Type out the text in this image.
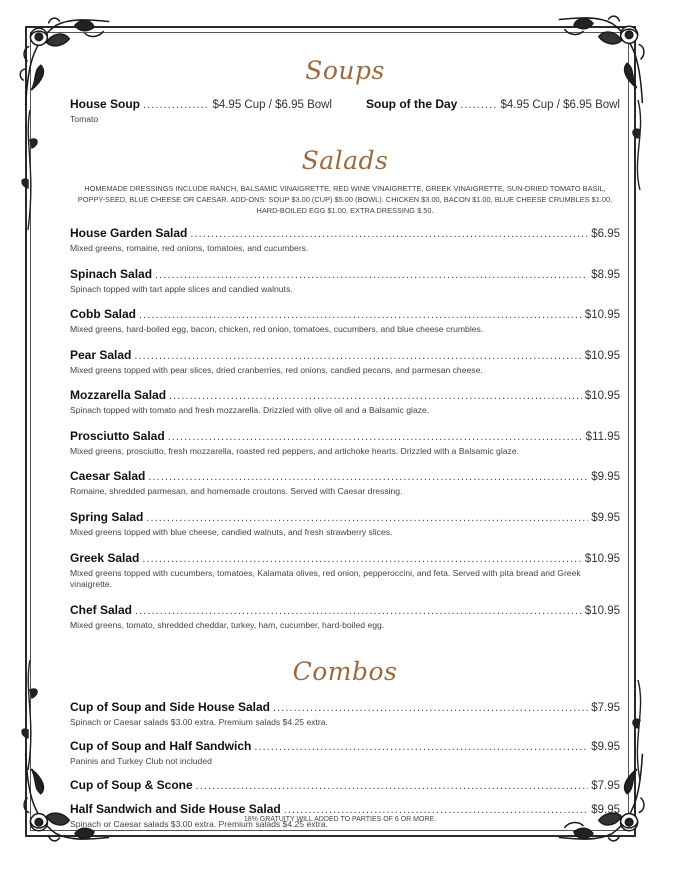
Soups
House Soup . . .	$4.95 Cup / $6.95 Bowl
Tomato
Soup of the Day . . .	$4.95 Cup / $6.95 Bowl
Salads

HOMEMADE DRESSINGS INCLUDE RANCH, BALSAMIC VINAIGRETTE, RED WINE VINAIGRETTE, GREEK VINAIGRETTE, SUN-DRIED TOMATO BASIL, POPPY-SEED, BLUE CHEESE OR CAESAR. ADD-ONS: SOUP $3.00 (CUP) $5.00 (BOWL). CHICKEN $3.00, BACON $1.00, BLUE CHEESE CRUMBLES $1.00, HARD-BOILED EGG $1.00, EXTRA DRESSING $.50.

House Garden Salad . . .	$6.95
Mixed greens, romaine, red onions, tomatoes, and cucumbers.
Spinach Salad . . .	$8.95
Spinach topped with tart apple slices and candied walnuts.
Cobb Salad . . .	$10.95
Mixed greens, hard-boiled egg, bacon, chicken, red onion, tomatoes, cucumbers, and blue cheese crumbles.
Pear Salad . . .	$10.95
Mixed greens topped with pear slices, dried cranberries, red onions, candied pecans, and parmesan cheese.
Mozzarella Salad . . .	$10.95
Spinach topped with tomato and fresh mozzarella. Drizzled with olive oil and a Balsamic glaze.
Prosciutto Salad . . .	$11.95
Mixed greens, prosciutto, fresh mozzarella, roasted red peppers, and artichoke hearts. Drizzled with a Balsamic glaze.
Caesar Salad . . .	$9.95
Romaine, shredded parmesan, and homemade croutons. Served with Caesar dressing.
Spring Salad . . .	$9.95
Mixed greens topped with blue cheese, candied walnuts, and fresh strawberry slices.
Greek Salad . . .	$10.95
Mixed greens topped with cucumbers, tomatoes, Kalamata olives, red onion, pepperoccini, and feta. Served with pita bread and Greek vinaigrette.
Chef Salad . . .	$10.95
Mixed greens, tomato, shredded cheddar, turkey, ham, cucumber, hard-boiled egg.
Combos
Cup of Soup and Side House Salad . . .	$7.95
Spinach or Caesar salads $3.00 extra. Premium salads $4.25 extra.
Cup of Soup and Half Sandwich . . .	$9.95
Paninis and Turkey Club not included
Cup of Soup & Scone . . .	$7.95
Half Sandwich and Side House Salad . . .	$9.95
Spinach or Caesar salads $3.00 extra. Premium salads $4.25 extra.
18% GRATUITY WILL ADDED TO PARTIES OF 6 OR MORE.
